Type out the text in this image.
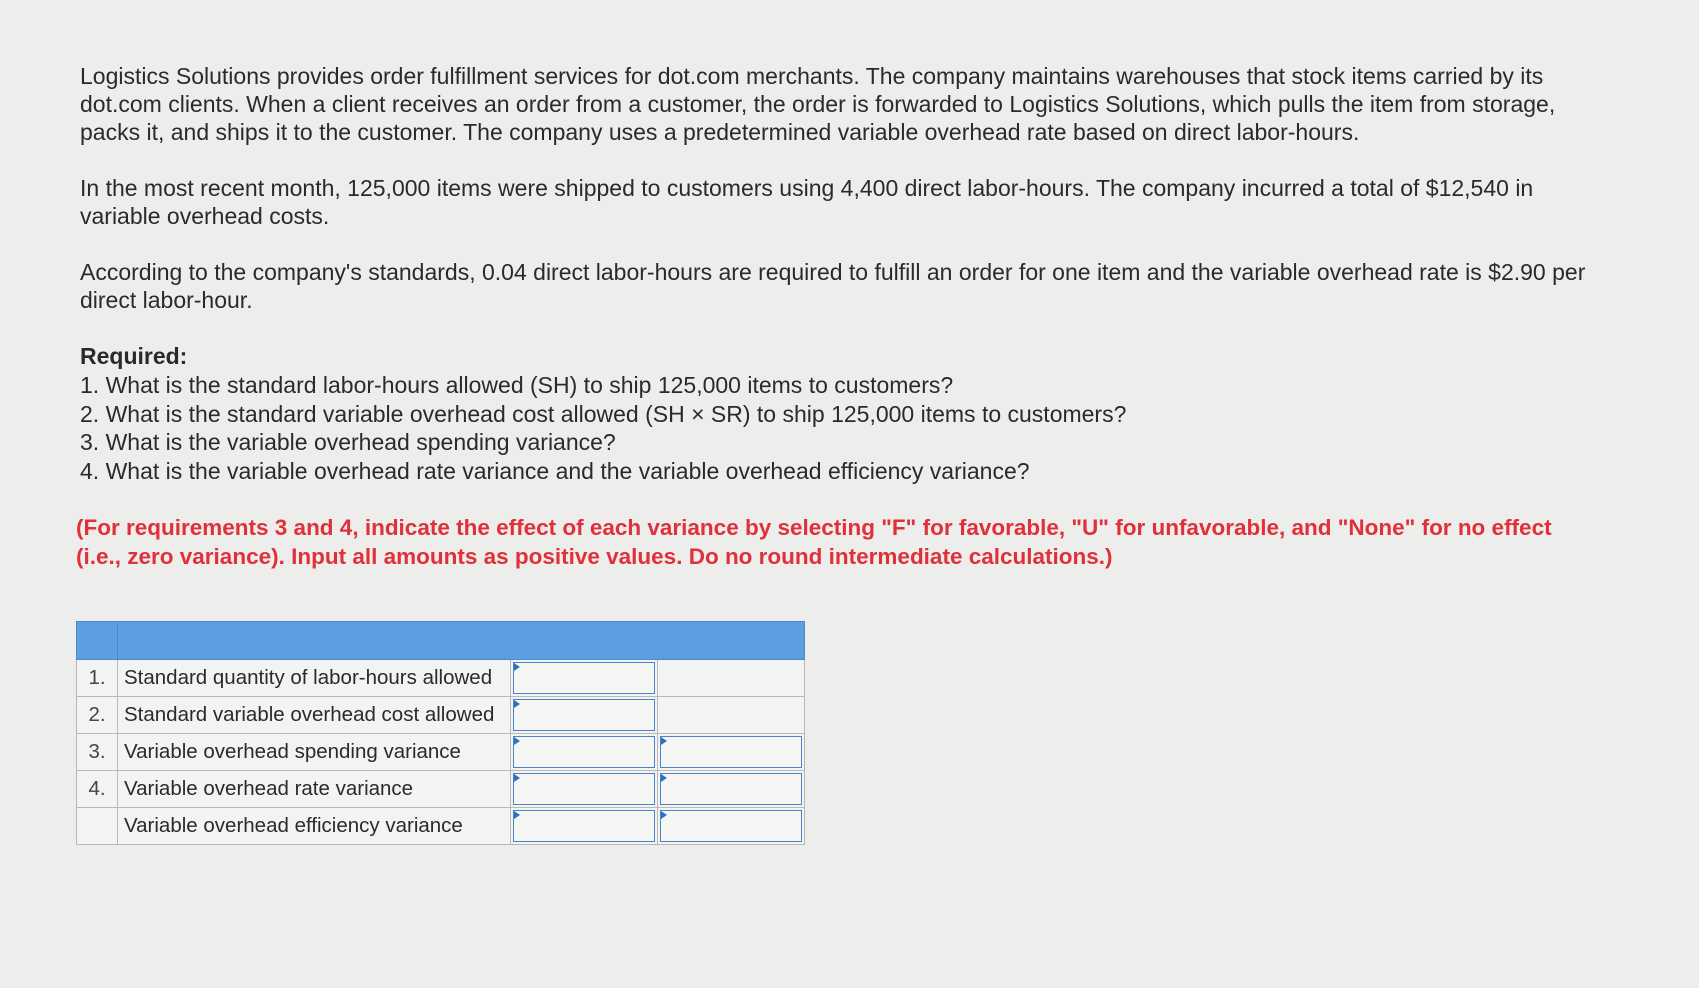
Logistics Solutions provides order fulfillment services for dot.com merchants. The company maintains warehouses that stock items carried by its dot.com clients. When a client receives an order from a customer, the order is forwarded to Logistics Solutions, which pulls the item from storage, packs it, and ships it to the customer. The company uses a predetermined variable overhead rate based on direct labor-hours.

In the most recent month, 125,000 items were shipped to customers using 4,400 direct labor-hours. The company incurred a total of $12,540 in variable overhead costs.

According to the company's standards, 0.04 direct labor-hours are required to fulfill an order for one item and the variable overhead rate is $2.90 per direct labor-hour.

Required:
1. What is the standard labor-hours allowed (SH) to ship 125,000 items to customers?
2. What is the standard variable overhead cost allowed (SH × SR) to ship 125,000 items to customers?
3. What is the variable overhead spending variance?
4. What is the variable overhead rate variance and the variable overhead efficiency variance?
(For requirements 3 and 4, indicate the effect of each variance by selecting "F" for favorable, "U" for unfavorable, and "None" for no effect (i.e., zero variance). Input all amounts as positive values. Do no round intermediate calculations.)

1.	Standard quantity of labor-hours allowed	

2.	Standard variable overhead cost allowed	

3.	Variable overhead spending variance	

4.	Variable overhead rate variance	

	Variable overhead efficiency variance	
